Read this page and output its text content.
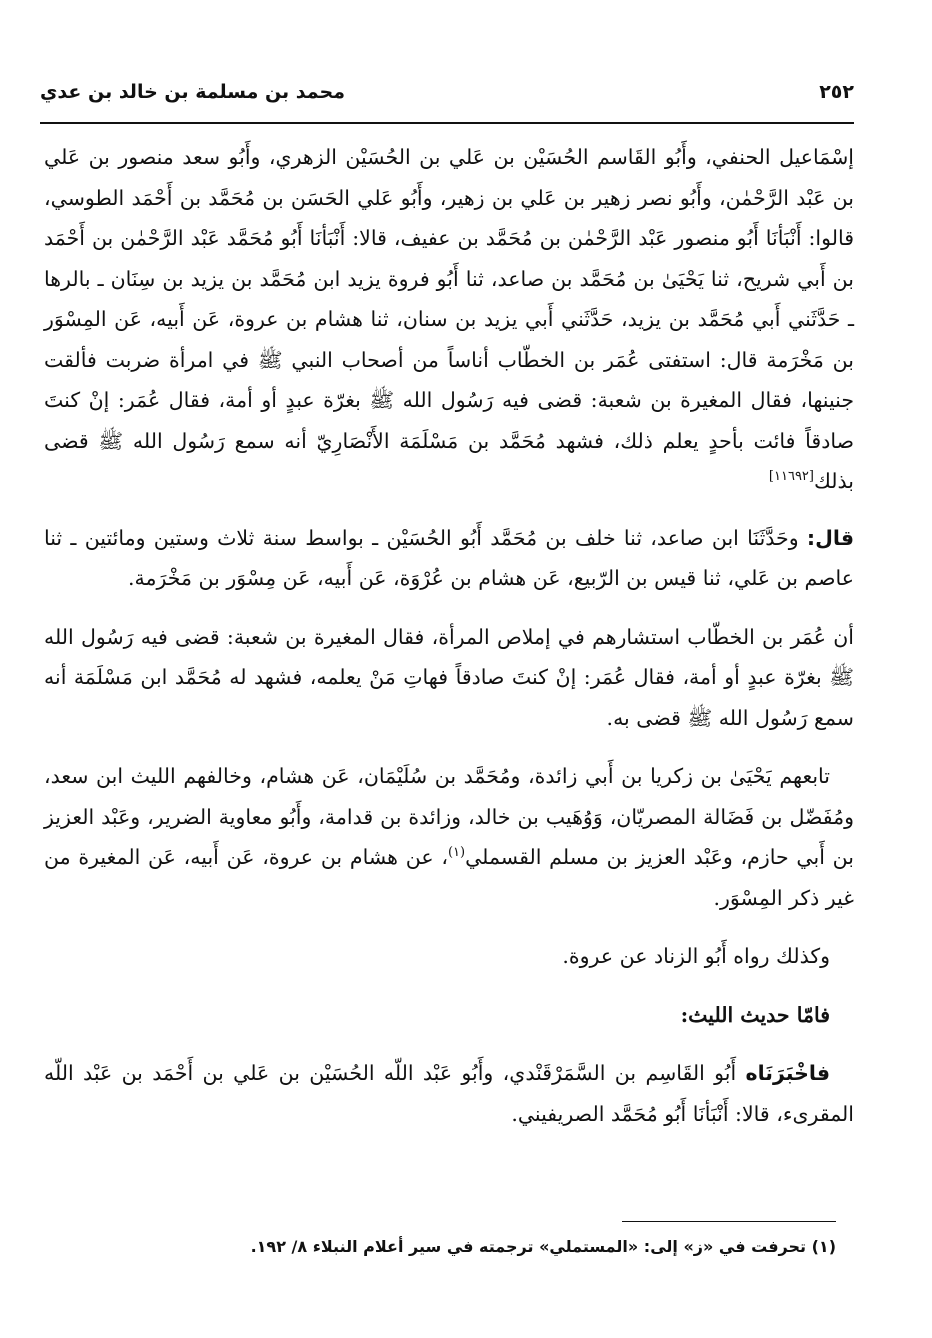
٢٥٢
محمد بن مسلمة بن خالد بن عدي

إسْمَاعيل الحنفي، وأَبُو القَاسم الحُسَيْن بن عَلي بن الحُسَيْن الزهري، وأَبُو سعد منصور بن عَلي بن عَبْد الرَّحْمٰن، وأَبُو نصر زهير بن عَلي بن زهير، وأَبُو عَلي الحَسَن بن مُحَمَّد بن أَحْمَد الطوسي، قالوا: أَنْبَأنَا أَبُو منصور عَبْد الرَّحْمٰن بن مُحَمَّد بن عفيف، قالا: أَنْبَأنَا أَبُو مُحَمَّد عَبْد الرَّحْمٰن بن أَحْمَد بن أَبي شريح، ثنا يَحْيَىٰ بن مُحَمَّد بن صاعد، ثنا أَبُو فروة يزيد ابن مُحَمَّد بن يزيد بن سِنَان ـ بالرها ـ حَدَّثَني أَبي مُحَمَّد بن يزيد، حَدَّثَني أَبي يزيد بن سنان، ثنا هشام بن عروة، عَن أَبيه، عَن المِسْوَر بن مَخْرَمة قال: استفتى عُمَر بن الخطّاب أناساً من أصحاب النبي ﷺ في امرأة ضربت فألقت جنينها، فقال المغيرة بن شعبة: قضى فيه رَسُول الله ﷺ بغرّة عبدٍ أو أمة، فقال عُمَر: إنْ كنتَ صادقاً فائت بأحدٍ يعلم ذلك، فشهد مُحَمَّد بن مَسْلَمَة الأَنْصَارِيّ أنه سمع رَسُول الله ﷺ قضى بذلك[١١٦٩٢]

قال: وحَدَّثَنَا ابن صاعد، ثنا خلف بن مُحَمَّد أَبُو الحُسَيْن ـ بواسط سنة ثلاث وستين ومائتين ـ ثنا عاصم بن عَلي، ثنا قيس بن الرّبيع، عَن هشام بن عُرْوَة، عَن أَبيه، عَن مِسْوَر بن مَخْرَمة.

أن عُمَر بن الخطّاب استشارهم في إملاص المرأة، فقال المغيرة بن شعبة: قضى فيه رَسُول الله ﷺ بغرّة عبدٍ أو أمة، فقال عُمَر: إنْ كنتَ صادقاً فهاتِ مَنْ يعلمه، فشهد له مُحَمَّد ابن مَسْلَمَة أنه سمع رَسُول الله ﷺ قضى به.

تابعهم يَحْيَىٰ بن زكريا بن أَبي زائدة، ومُحَمَّد بن سُلَيْمَان، عَن هشام، وخالفهم الليث ابن سعد، ومُفَضّل بن فَضَالة المصريّان، وَوُهَيب بن خالد، وزائدة بن قدامة، وأَبُو معاوية الضرير، وعَبْد العزيز بن أَبي حازم، وعَبْد العزيز بن مسلم القسملي$^{(١)}$، عن هشام بن عروة، عَن أَبيه، عَن المغيرة من غير ذكر المِسْوَر.

وكذلك رواه أَبُو الزناد عن عروة.

فامّا حديث الليث:

فاخْبَرَنَاه أَبُو القَاسِم بن السَّمَرْقَنْدي، وأَبُو عَبْد اللّه الحُسَيْن بن عَلي بن أَحْمَد بن عَبْد اللّه المقرىء، قالا: أَنْبَأنَا أَبُو مُحَمَّد الصريفيني.

(١) تحرفت في «ز» إلى: «المستملي» ترجمته في سير أعلام النبلاء ٨/ ١٩٢.
